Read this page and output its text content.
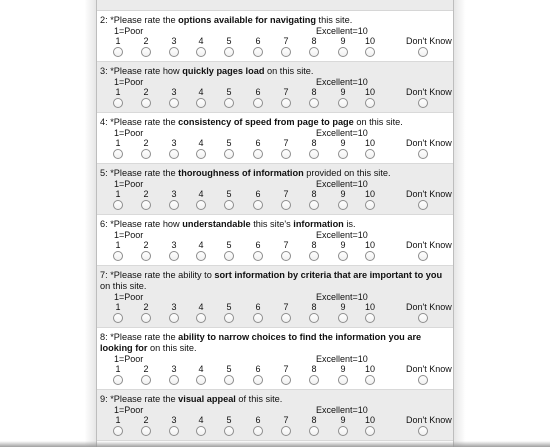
2: *Please rate the options available for navigating this site.
1=Poor	Excellent=10
1	2	3	4	5	6	7	8	9	10	Don't Know
3: *Please rate how quickly pages load on this site.
1=Poor	Excellent=10
1	2	3	4	5	6	7	8	9	10	Don't Know
4: *Please rate the consistency of speed from page to page on this site.
1=Poor	Excellent=10
1	2	3	4	5	6	7	8	9	10	Don't Know
5: *Please rate the thoroughness of information provided on this site.
1=Poor	Excellent=10
1	2	3	4	5	6	7	8	9	10	Don't Know
6: *Please rate how understandable this site's information is.
1=Poor	Excellent=10
1	2	3	4	5	6	7	8	9	10	Don't Know
7: *Please rate the ability to sort information by criteria that are important to you on this site.
1=Poor	Excellent=10
1	2	3	4	5	6	7	8	9	10	Don't Know
8: *Please rate the ability to narrow choices to find the information you are looking for on this site.
1=Poor	Excellent=10
1	2	3	4	5	6	7	8	9	10	Don't Know
9: *Please rate the visual appeal of this site.
1=Poor	Excellent=10
1	2	3	4	5	6	7	8	9	10	Don't Know
